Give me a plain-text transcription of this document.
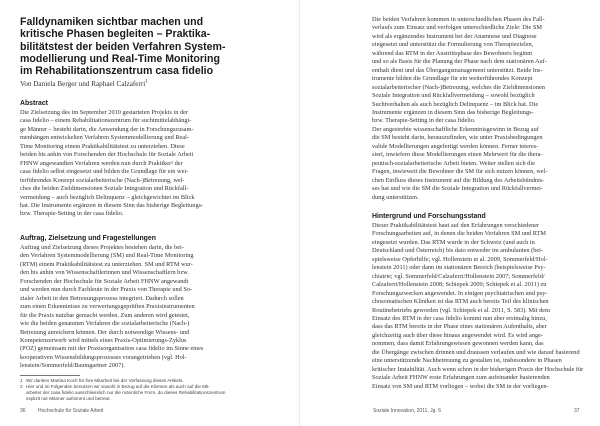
Falldynamiken sichtbar machen und
kritische Phasen begleiten – Praktika-
bilitätstest der beiden Verfahren System-
modellierung und Real-Time Monitoring
im Rehabilitationszentrum casa fidelio
Von Daniela Berger und Raphael Calzaferri$^1$
Abstract
Die Zielsetzung des im September 2010 gestarteten Projekts in der
casa fidelio – einem Rehabilitationszentrum für suchtmittelabhängi-
ge Männer – besteht darin, die Anwendung der in Forschungszusam-
menhängen entwickelten Verfahren Systemmodellierung und Real-
Time Monitoring einem Praktikabilitätstest zu unterziehen. Diese
beiden bis anhin von Forschenden der Hochschule für Soziale Arbeit
FHNW angewandten Verfahren werden nun durch Praktiker² der
casa fidelio selbst eingesetzt und bilden die Grundlage für ein wei-
terführendes Konzept sozialarbeiterische (Nach-)Betreuung, wel-
ches die beiden Zieldimensionen Soziale Integration und Rückfall-
vermeidung – auch bezüglich Delinquenz – gleichgewichtet im Blick
hat. Die Instrumente ergänzen in diesem Sinn das bisherige Begleitungs-
bzw. Therapie-Setting in der casa fidelio.
Auftrag, Zielsetzung und Fragestellungen
Auftrag und Zielsetzung dieses Projektes bestehen darin, die bei-
den Verfahren Systemmodellierung (SM) und Real-Time Monitoring
(RTM) einem Praktikabilitätstest zu unterziehen. SM und RTM wur-
den bis anhin von Wissenschaftlerinnen und Wissenschaftlern bzw.
Forschenden der Hochschule für Soziale Arbeit FHNW angewandt
und werden nun durch Fachleute in der Praxis von Therapie und So-
zialer Arbeit in den Betreuungsprozess integriert. Dadurch sollen
zum einen Erkenntnisse zu verwertungsgeprüften Praxisinstrumenten
für die Praxis nutzbar gemacht werden. Zum anderen wird getestet,
wie die beiden genannten Verfahren die sozialarbeiterische (Nach-)
Betreuung anreichern können. Der durch notwendige Wissens- und
Kompetenzerwerb wird mittels eines Praxis-Optimierungs-Zyklus
(POZ) gemeinsam mit der Praxisorganisation casa fidelio im Sinne eines
kooperativen Wissensbildungsprozesses vorangetrieben (vgl. Hol-
lenstein/Sommerfeld/Baumgartner 2007).
1 Wir danken Martina Koch für ihre Mitarbeit bei der Verfassung dieses Artikels.
2 Hier und im Folgenden benutzen wir sowohl in Bezug auf die Klienten als auch auf die Mit-
arbeiter der casa fidelio ausschliesslich nur die männliche Form, da dieses Rehabilitationszentrum
explizit nur Männer aufnimmt und betreut.
36 Hochschule für Soziale Arbeit
Die beiden Verfahren kommen in unterschiedlichen Phasen des Fall-
verlaufs zum Einsatz und verfolgen unterschiedliche Ziele: Die SM
wird als ergänzendes Instrument bei der Anamnese und Diagnose
eingesetzt und unterstützt die Formulierung von Therapiezielen,
während das RTM in der Austrittsphase des Bewohners beginnt
und so als Basis für die Planung der Phase nach dem stationären Auf-
enthalt dient und das Übergangsmanagement unterstützt. Beide Ins-
trumente bilden die Grundlage für ein weiterführendes Konzept
sozialarbeiterischer (Nach-)Betreuung, welches die Zieldimensionen
Soziale Integration und Rückfallvermeidung – sowohl bezüglich
Suchtverhalten als auch bezüglich Delinquenz – im Blick hat. Die
Instrumente ergänzen in diesem Sinn das bisherige Begleitungs-
bzw. Therapie-Setting in der casa fidelio.
Der angestrebte wissenschaftliche Erkenntnisgewinn in Bezug auf
die SM besteht darin, herauszufinden, wie unter Praxisbedingungen
valide Modellierungen angefertigt werden können. Ferner interes-
siert, inwiefern diese Modellierungen einen Mehrwert für die thera-
peutisch-sozialarbeiterische Arbeit bieten. Weiter stellen sich die
Fragen, inwieweit die Bewohner die SM für sich nutzen können, wel-
chen Einfluss dieses Instrument auf die Bildung des Arbeitsbündnis-
ses hat und wie die SM die Soziale Integration und Rückfallvermei-
dung unterstützen.
Hintergrund und Forschungsstand
Dieser Praktikabilitätstest baut auf den Erfahrungen verschiedener
Forschungsarbeiten auf, in denen die beiden Verfahren SM und RTM
eingesetzt wurden. Das RTM wurde in der Schweiz (und auch in
Deutschland und Österreich) bis dato entweder im ambulanten (bei-
spielsweise Opferhilfe; vgl. Hollenstein et al. 2009, Sommerfeld/Hol-
lenstein 2011) oder dann im stationären Bereich (beispielsweise Psy-
chiatrie; vgl. Sommerfeld/Calzaferri/Hollenstein 2007; Sommerfeld/
Calzaferri/Hollenstein 2008; Schiepek 2009; Schiepek et al. 2011) zu
Forschungszwecken angewendet. In einigen psychiatrischen und psy-
chosomatischen Kliniken ist das RTM auch bereits Teil des klinischen
Routinebetriebs geworden (vgl. Schiepek et al. 2011, S. 583). Mit dem
Einsatz des RTM in der casa fidelio kommt nun aber erstmalig hinzu,
dass das RTM bereits in der Phase eines stationären Aufenthalts, aber
gleichzeitig auch über diese hinaus angewendet wird. Es wird ange-
nommen, dass damit Erfahrungswissen gewonnen werden kann, das
die Übergänge zwischen drinnen und draussen verlaufen und wie darauf basierend
eine unterstützende Nachbetreuung zu gestalten ist, insbesondere in Phasen
kritischer Instabilität. Auch wenn schon in der bisherigen Praxis der Hochschule für
Soziale Arbeit FHNW erste Erfahrungen zum aufeinander basierenden
Einsatz von SM und RTM vorliegen – wobei die SM in der vorliegen-
Soziale Innovation, 2011, Jg. 6	37
